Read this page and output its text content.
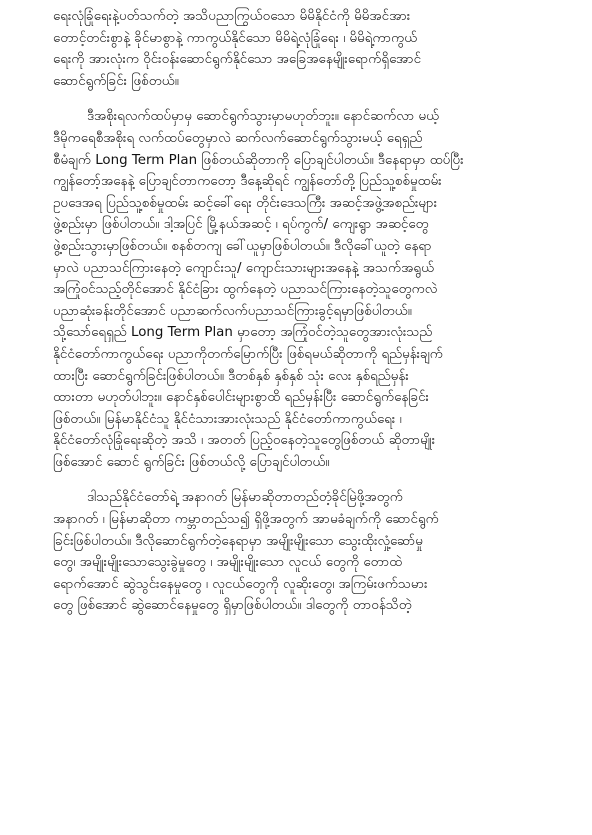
ရေးလုံခြုံရေးနဲ့ပတ်သက်တဲ့ အသိပညာကြွယ်ဝသော မိမိနိုင်ငံကို မိမိအင်အား
တောင့်တင်းစွာနဲ့ ခိုင်မာစွာနဲ့ ကာကွယ်နိုင်သော မိမိရဲ့လုံခြုံရေး ၊ မိမိရဲ့ကာကွယ်
ရေးကို အားလုံးက ဝိုင်းဝန်းဆောင်ရွက်နိုင်သော အခြေအနေမျိုးရောက်ရှိအောင်
ဆောင်ရွက်ခြင်း ဖြစ်တယ်။
ဒီအစိုးရလက်ထပ်မှာမှ ဆောင်ရွက်သွားမှာမဟုတ်ဘူး။ နောင်ဆက်လာ မယ့်
ဒီမိုကရေစီအစိုးရ လက်ထပ်တွေမှာလဲ ဆက်လက်ဆောင်ရွက်သွားမယ့် ရေရှည်
စီမံချက် Long Term Plan ဖြစ်တယ်ဆိုတာကို ပြောချင်ပါတယ်။ ဒီနေရာမှာ ထပ်ပြီး
ကျွန်တော့်အနေနဲ့ ပြောချင်တာကတော့ ဒီနေ့ဆိုရင် ကျွန်တော်တို့ ပြည်သူ့စစ်မှုထမ်း
ဥပဒေအရ ပြည်သူ့စစ်မှုထမ်း ဆင့်ခေါ်ရေး တိုင်းဒေသကြီး အဆင့်အဖွဲ့အစည်းများ
ဖွဲ့စည်းမှာ ဖြစ်ပါတယ်။ ဒါ့အပြင် မြို့နယ်အဆင့် ၊ ရပ်ကွက်/ ကျေးရွာ အဆင့်တွေ
ဖွဲ့စည်းသွားမှာဖြစ်တယ်။ စနစ်တကျ ခေါ်ယူမှာဖြစ်ပါတယ်။ ဒီလိုခေါ်ယူတဲ့ နေရာ
မှာလဲ ပညာသင်ကြားနေတဲ့ ကျောင်းသူ/ ကျောင်းသားများအနေနဲ့ အသက်အရွယ်
အကြုံဝင်သည့်တိုင်အောင် နိုင်ငံခြား ထွက်နေတဲ့ ပညာသင်ကြားနေတဲ့သူတွေကလဲ
ပညာဆုံးခန်းတိုင်အောင် ပညာဆက်လက်ပညာသင်ကြားခွင့်ရမှာဖြစ်ပါတယ်။
သို့သော်ရေရှည် Long Term Plan မှာတော့ အကြုံဝင်တဲ့သူတွေအားလုံးသည်
နိုင်ငံတော်ကာကွယ်ရေး ပညာကိုတက်မြောက်ပြီး ဖြစ်ရမယ်ဆိုတာကို ရည်မှန်းချက်
ထားပြီး ဆောင်ရွက်ခြင်းဖြစ်ပါတယ်။ ဒီတစ်နှစ် နှစ်နှစ် သုံး လေး နှစ်ရည်မှန်း
ထားတာ မဟုတ်ပါဘူး။ နောင်နှစ်ပေါင်းများစွာထိ ရည်မှန်းပြီး ဆောင်ရွက်နေခြင်း
ဖြစ်တယ်။ မြန်မာနိုင်ငံသူ နိုင်ငံသားအားလုံးသည် နိုင်ငံတော်ကာကွယ်ရေး ၊
နိုင်ငံတော်လုံခြုံရေးဆိုတဲ့ အသိ ၊ အတတ် ပြည့်ဝနေတဲ့သူတွေဖြစ်တယ် ဆိုတာမျိုး
ဖြစ်အောင် ဆောင် ရွက်ခြင်း ဖြစ်တယ်လို့ ပြောချင်ပါတယ်။
ဒါသည်နိုင်ငံတော်ရဲ့ အနာဂတ် မြန်မာဆိုတာတည်တံ့ခိုင်မြဲဖို့အတွက်
အနာဂတ် ၊ မြန်မာဆိုတာ ကမ္ဘာတည်သ၍ ရှိဖို့အတွက် အာမခံချက်ကို ဆောင်ရွက်
ခြင်းဖြစ်ပါတယ်။ ဒီလိုဆောင်ရွက်တဲ့နေရာမှာ အမျိုးမျိုးသော သွေးထိုးလှုံ့ဆော်မှု
တွေ၊ အမျိုးမျိုးသောသွေးခွဲမှုတွေ ၊ အမျိုးမျိုးသော လူငယ် တွေကို တောထဲ
ရောက်အောင် ဆွဲသွင်းနေမှုတွေ ၊ လူငယ်တွေကို လူဆိုးတွေ၊ အကြမ်းဖက်သမား
တွေ ဖြစ်အောင် ဆွဲဆောင်နေမှုတွေ ရှိမှာဖြစ်ပါတယ်။ ဒါတွေကို တာဝန်သိတဲ့
